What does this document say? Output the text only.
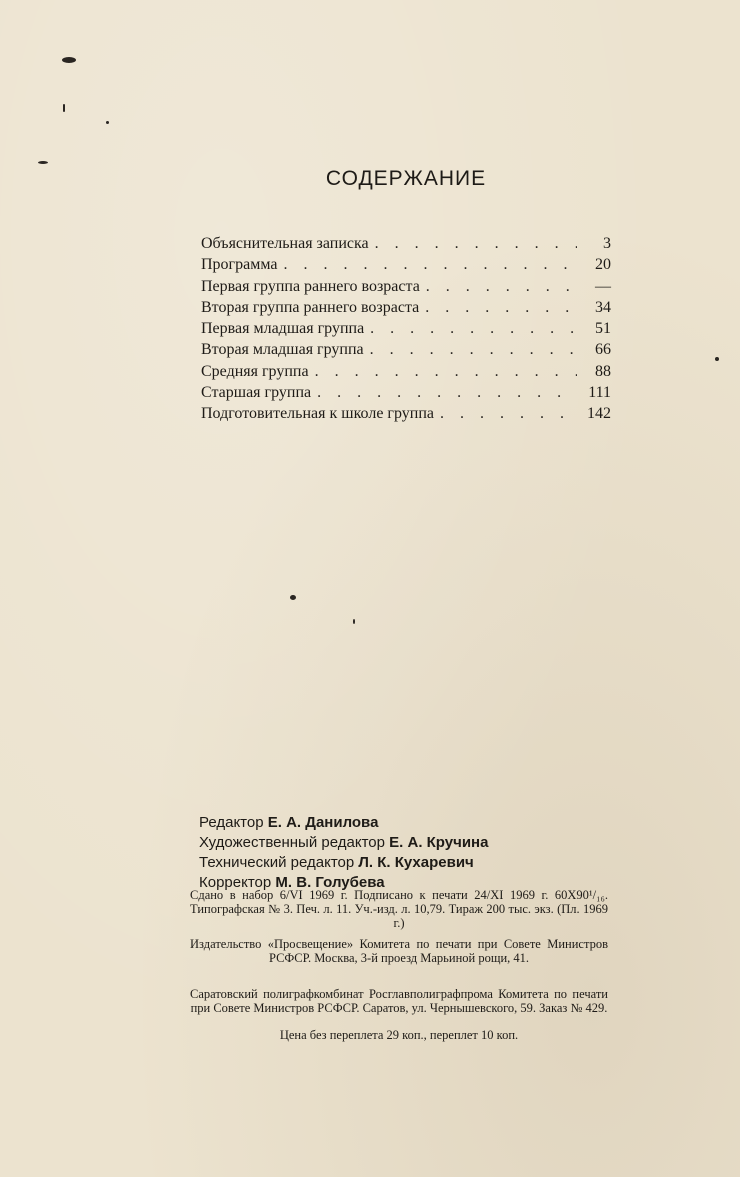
СОДЕРЖАНИЕ
Объяснительная записка . . .	3
Программа . . .	20
Первая группа раннего возраста . . .	—
Вторая группа раннего возраста . . .	34
Первая младшая группа . . .	51
Вторая младшая группа . . .	66
Средняя группа . . .	88
Старшая группа . . .	111
Подготовительная к школе группа . . .	142
Редактор Е. А. Данилова
Художественный редактор Е. А. Кручина
Технический редактор Л. К. Кухаревич
Корректор М. В. Голубева

Сдано в набор 6/VI 1969 г. Подписано к печати 24/XI 1969 г. 60Х90¹/₁₆. Типографская № 3. Печ. л. 11. Уч.-изд. л. 10,79. Тираж 200 тыс. экз. (Пл. 1969 г.)

Издательство «Просвещение» Комитета по печати при Совете Министров РСФСР. Москва, 3-й проезд Марьиной рощи, 41.

Саратовский полиграфкомбинат Росглавполиграфпрома Комитета по печати при Совете Министров РСФСР. Саратов, ул. Чернышевского, 59. Заказ № 429.

Цена без переплета 29 коп., переплет 10 коп.
